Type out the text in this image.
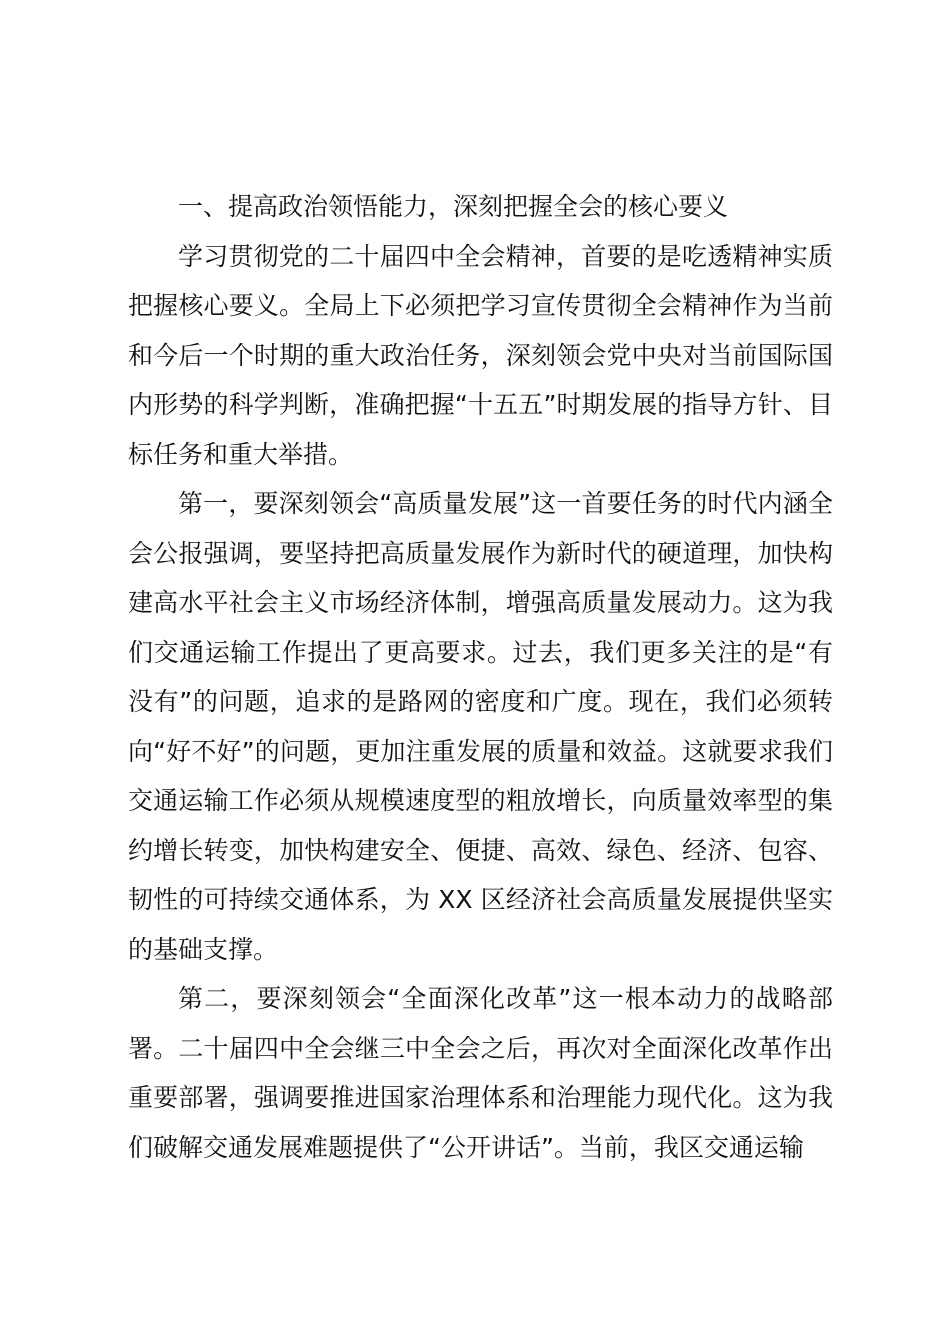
一、提高政治领悟能力，深刻把握全会的核心要义

学习贯彻党的二十届四中全会精神，首要的是吃透精神实质把握核心要义。全局上下必须把学习宣传贯彻全会精神作为当前和今后一个时期的重大政治任务，深刻领会党中央对当前国际国内形势的科学判断，准确把握“十五五”时期发展的指导方针、目标任务和重大举措。

第一，要深刻领会“高质量发展”这一首要任务的时代内涵全会公报强调，要坚持把高质量发展作为新时代的硬道理，加快构建高水平社会主义市场经济体制，增强高质量发展动力。这为我们交通运输工作提出了更高要求。过去，我们更多关注的是“有没有”的问题，追求的是路网的密度和广度。现在，我们必须转向“好不好”的问题，更加注重发展的质量和效益。这就要求我们交通运输工作必须从规模速度型的粗放增长，向质量效率型的集约增长转变，加快构建安全、便捷、高效、绿色、经济、包容、韧性的可持续交通体系，为 XX 区经济社会高质量发展提供坚实的基础支撑。

第二，要深刻领会“全面深化改革”这一根本动力的战略部署。二十届四中全会继三中全会之后，再次对全面深化改革作出重要部署，强调要推进国家治理体系和治理能力现代化。这为我们破解交通发展难题提供了“公开讲话”。当前，我区交通运输
